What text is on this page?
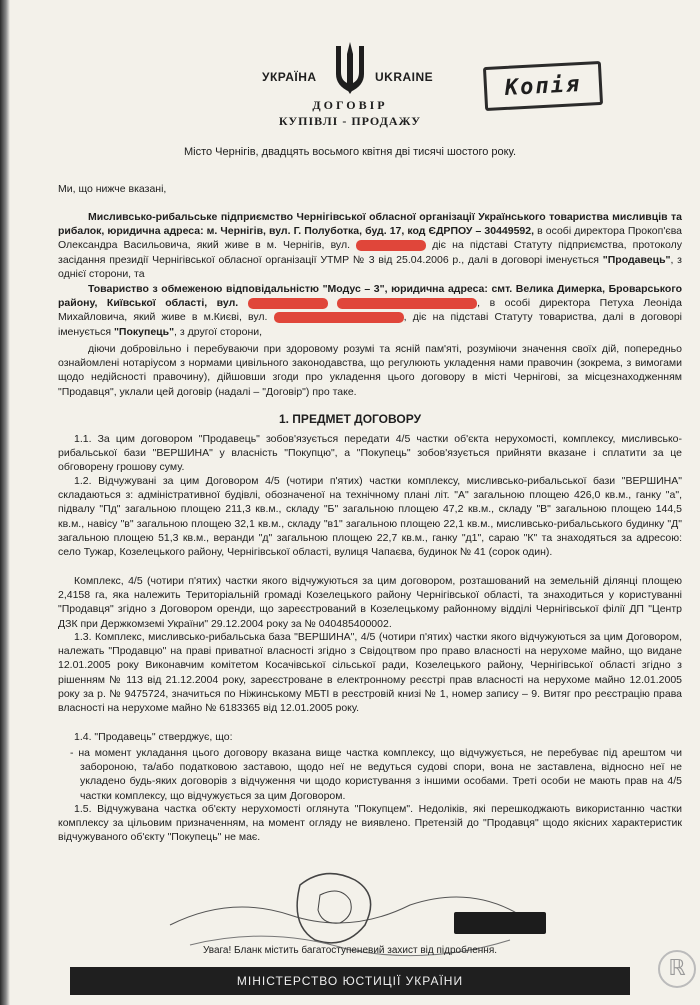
УКРАЇНА	UKRAINE	Копія
ДОГОВІР
КУПІВЛІ - ПРОДАЖУ
Місто Чернігів, двадцять восьмого квітня дві тисячі шостого року.
Ми, що нижче вказані,
Мисливсько-рибальське підприємство Чернігівської обласної організації Українського товариства мисливців та рибалок, юридична адреса: м. Чернігів, вул. Г. Полуботка, буд. 17, код ЄДРПОУ – 30449592, в особі директора Прокоп'єва Олександра Васильовича, який живе в м. Чернігів, вул.	діє на підставі Статуту підприємства, протоколу засідання президії Чернігівської обласної організації УТМР № 3 від 25.04.2006 р., далі в договорі іменується "Продавець", з однієї сторони, та
Товариство з обмеженою відповідальністю "Модус – 3", юридична адреса: смт. Велика Димерка, Броварського району, Київської області, вул.	, в особі директора Петуха Леоніда Михайловича, який живе в м.Києві, вул.	, діє на підставі Статуту товариства, далі в договорі іменується "Покупець", з другої сторони,
діючи добровільно і перебуваючи при здоровому розумі та ясній пам'яті, розуміючи значення своїх дій, попередньо ознайомлені нотаріусом з нормами цивільного законодавства, що регулюють укладення нами правочин (зокрема, з вимогами щодо недійсності правочину), дійшовши згоди про укладення цього договору в місті Чернігові, за місцезнаходженням "Продавця", уклали цей договір (надалі – "Договір") про таке.
1. ПРЕДМЕТ ДОГОВОРУ
1.1. За цим договором "Продавець" зобов'язується передати 4/5 частки об'єкта нерухомості, комплексу, мисливсько-рибальської бази "ВЕРШИНА" у власність "Покупцю", а "Покупець" зобов'язується прийняти вказане і сплатити за це обговорену грошову суму.
1.2. Відчужувані за цим Договором 4/5 (чотири п'ятих) частки комплексу, мисливсько-рибальської бази "ВЕРШИНА" складаються з: адміністративної будівлі, обозначеної на технічному плані літ. "А" загальною площею 426,0 кв.м., ганку "а", підвалу "Пд" загальною площею 211,3 кв.м., складу "Б" загальною площею 47,2 кв.м., складу "В" загальною площею 144,5 кв.м., навісу "в" загальною площею 32,1 кв.м., складу "в1" загальною площею 22,1 кв.м., мисливсько-рибальського будинку "Д" загальною площею 51,3 кв.м., веранди "д" загальною площею 22,7 кв.м., ганку "д1", сараю "К" та знаходяться за адресою: село Тужар, Козелецького району, Чернігівської області, вулиця Чапаєва, будинок № 41 (сорок один).
Комплекс, 4/5 (чотири п'ятих) частки якого відчужуються за цим договором, розташований на земельній ділянці площею 2,4158 га, яка належить Територіальній громаді Козелецького району Чернігівської області, та знаходиться у користуванні "Продавця" згідно з Договором оренди, що зареєстрований в Козелецькому районному відділі Чернігівської філії ДП "Центр ДЗК при Держкомземі України" 29.12.2004 року за № 040485400002.
1.3. Комплекс, мисливсько-рибальська база "ВЕРШИНА", 4/5 (чотири п'ятих) частки якого відчужуються за цим Договором, належать "Продавцю" на праві приватної власності згідно з Свідоцтвом про право власності на нерухоме майно, що видане 12.01.2005 року Виконавчим комітетом Косачівської сільської ради, Козелецького району, Чернігівської області згідно з рішенням № 113 від 21.12.2004 року, зареєстроване в електронному реєстрі прав власності на нерухоме майно 12.01.2005 року за р. № 9475724, значиться по Ніжинському МБТІ в реєстровій книзі № 1, номер запису – 9. Витяг про реєстрацію права власності на нерухоме майно № 6183365 від 12.01.2005 року.
1.4. "Продавець" стверджує, що:
- на момент укладання цього договору вказана вище частка комплексу, що відчужується, не перебуває під арештом чи забороною, та/або податковою заставою, щодо неї не ведуться судові спори, вона не заставлена, відносно неї не укладено будь-яких договорів з відчуження чи щодо користування з іншими особами. Треті особи не мають прав на 4/5 частки комплексу, що відчужується за цим Договором.
1.5. Відчужувана частка об'єкту нерухомості оглянута "Покупцем". Недоліків, які перешкоджають використанню частки комплексу за цільовим призначенням, на момент огляду не виявлено. Претензій до "Продавця" щодо якісних характеристик відчужуваного об'єкту "Покупець" не має.
Увага! Бланк містить багатоступеневий захист від підроблення.
МІНІСТЕРСТВО ЮСТИЦІЇ УКРАЇНИ
ℝ
